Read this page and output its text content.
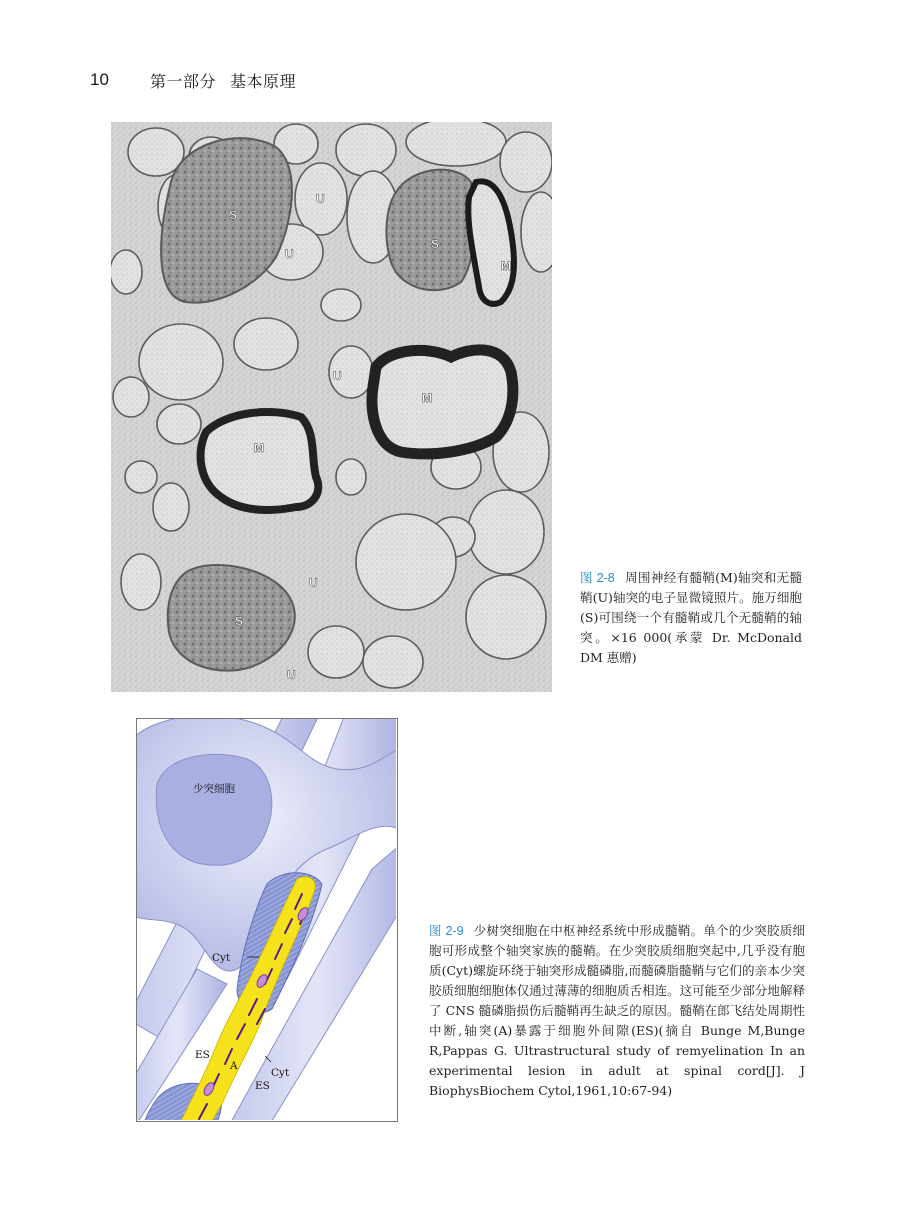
10	第一部分 基本原理
S
U
U
S
M
U
M
M
U
S
U
图 2-8 周围神经有髓鞘(M)轴突和无髓鞘(U)轴突的电子显微镜照片。施万细胞(S)可围绕一个有髓鞘或几个无髓鞘的轴突。×16 000(承蒙 Dr. McDonald DM 惠赠)
少突细胞
Cyt
ES
A
Cyt
ES
图 2-9 少树突细胞在中枢神经系统中形成髓鞘。单个的少突胶质细胞可形成整个轴突家族的髓鞘。在少突胶质细胞突起中,几乎没有胞质(Cyt)螺旋环绕于轴突形成髓磷脂,而髓磷脂髓鞘与它们的亲本少突胶质细胞细胞体仅通过薄薄的细胞质舌相连。这可能至少部分地解释了 CNS 髓磷脂损伤后髓鞘再生缺乏的原因。髓鞘在郎飞结处周期性中断,轴突(A)暴露于细胞外间隙(ES)(摘自 Bunge M,Bunge R,Pappas G. Ultrastructural study of remyelination In an experimental lesion in adult at spinal cord[J]. J BiophysBiochem Cytol,1961,10:67-94)
